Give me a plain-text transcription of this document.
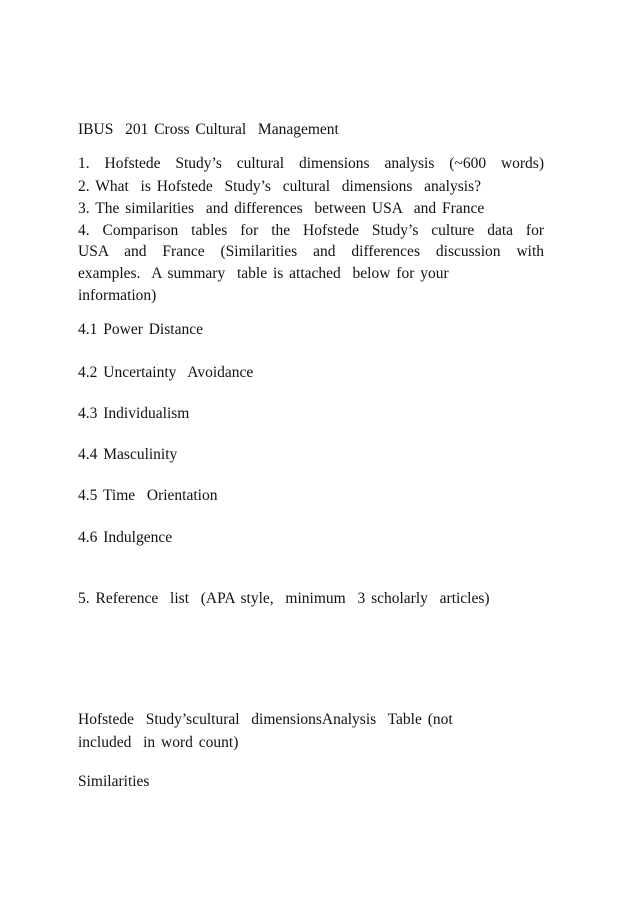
IBUS  201 Cross Cultural  Management
1. Hofstede Study’s cultural dimensions analysis (~600 words)
2. What  is Hofstede  Study’s  cultural  dimensions  analysis?
3. The similarities  and differences  between USA  and France
4. Comparison tables for the Hofstede Study’s culture data for
USA and France (Similarities and differences discussion with
examples.  A summary  table is attached  below for your
information)
4.1 Power Distance
4.2 Uncertainty  Avoidance
4.3 Individualism
4.4 Masculinity
4.5 Time  Orientation
4.6 Indulgence
5. Reference  list  (APA style,  minimum  3 scholarly  articles)
Hofstede  Study’scultural  dimensionsAnalysis  Table (not
included  in word count)
Similarities
